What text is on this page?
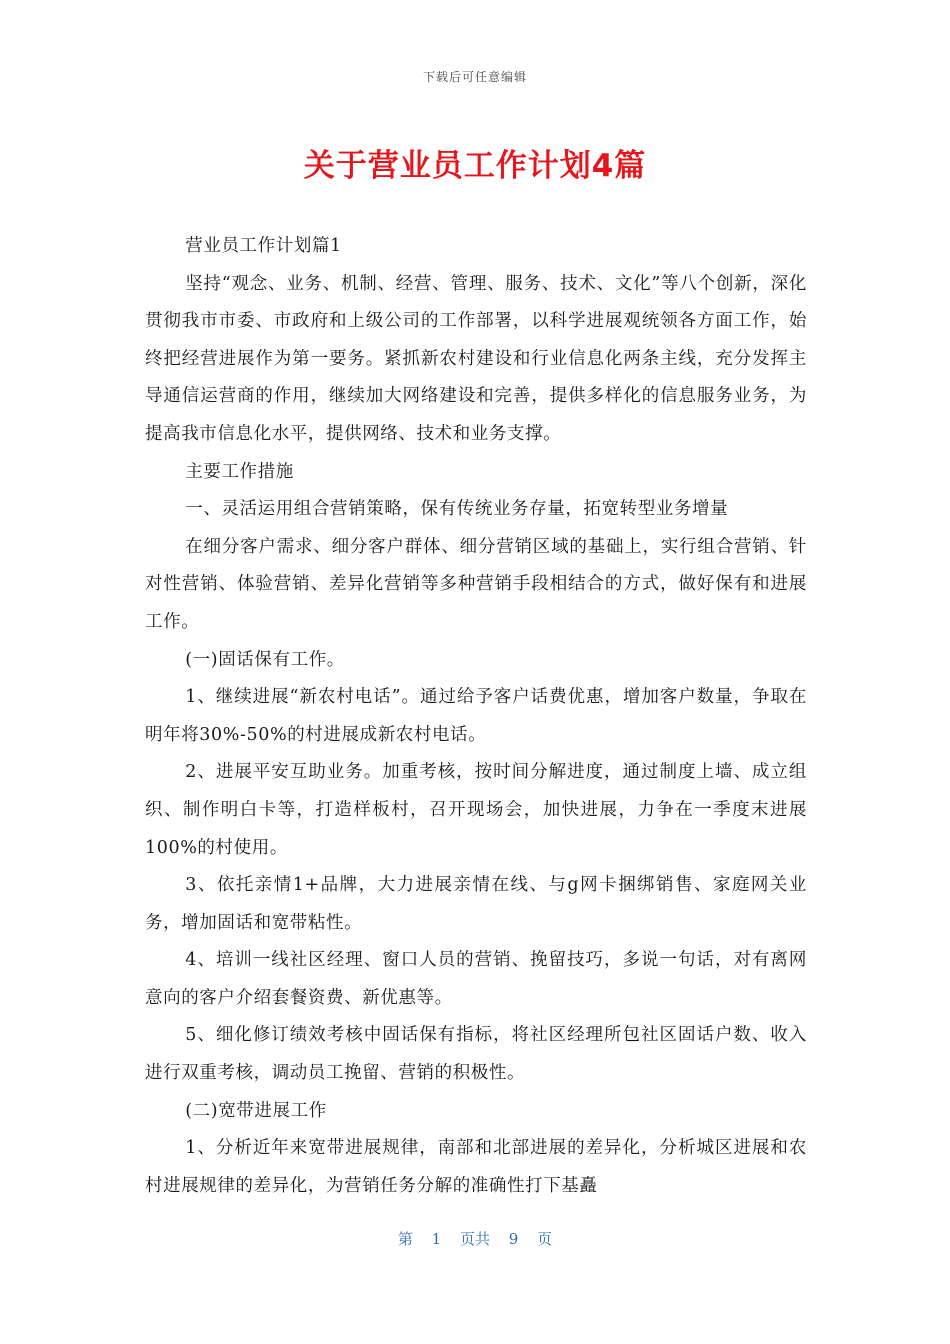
下载后可任意编辑
关于营业员工作计划4篇

营业员工作计划篇1

坚持“观念、业务、机制、经营、管理、服务、技术、文化”等八个创新，深化贯彻我市市委、市政府和上级公司的工作部署，以科学进展观统领各方面工作，始终把经营进展作为第一要务。紧抓新农村建设和行业信息化两条主线，充分发挥主导通信运营商的作用，继续加大网络建设和完善，提供多样化的信息服务业务，为提高我市信息化水平，提供网络、技术和业务支撑。

主要工作措施

一、灵活运用组合营销策略，保有传统业务存量，拓宽转型业务增量

在细分客户需求、细分客户群体、细分营销区域的基础上，实行组合营销、针对性营销、体验营销、差异化营销等多种营销手段相结合的方式，做好保有和进展工作。

(一)固话保有工作。

1、继续进展“新农村电话”。通过给予客户话费优惠，增加客户数量，争取在明年将30%-50%的村进展成新农村电话。

2、进展平安互助业务。加重考核，按时间分解进度，通过制度上墙、成立组织、制作明白卡等，打造样板村，召开现场会，加快进展，力争在一季度末进展100%的村使用。

3、依托亲情1+品牌，大力进展亲情在线、与g网卡捆绑销售、家庭网关业务，增加固话和宽带粘性。

4、培训一线社区经理、窗口人员的营销、挽留技巧，多说一句话，对有离网意向的客户介绍套餐资费、新优惠等。

5、细化修订绩效考核中固话保有指标，将社区经理所包社区固话户数、收入进行双重考核，调动员工挽留、营销的积极性。

(二)宽带进展工作

1、分析近年来宽带进展规律，南部和北部进展的差异化，分析城区进展和农村进展规律的差异化，为营销任务分解的准确性打下基矗

第 1 页共 9 页
